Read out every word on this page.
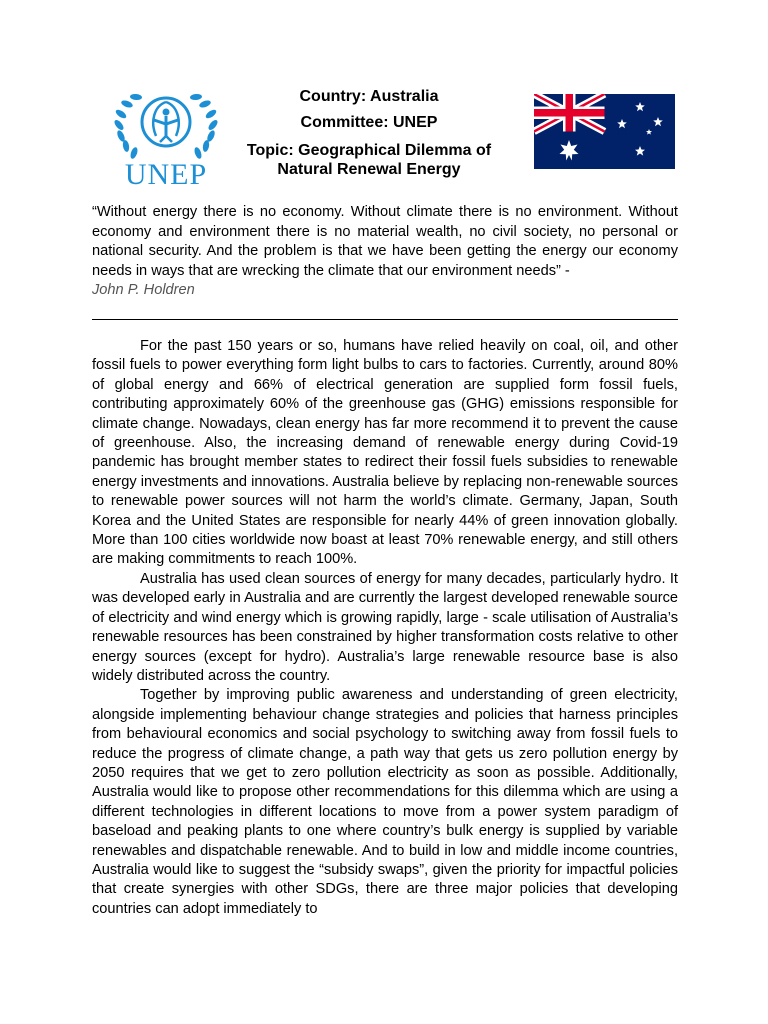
UNEP
Country: Australia
Committee: UNEP
Topic: Geographical Dilemma of
Natural Renewal Energy
“Without energy there is no economy. Without climate there is no environment. Without economy and environment there is no material wealth, no civil society, no personal or national security. And the problem is that we have been getting the energy our economy needs in ways that are wrecking the climate that our environment needs” -
John P. Holdren

For the past 150 years or so, humans have relied heavily on coal, oil, and other fossil fuels to power everything form light bulbs to cars to factories. Currently, around 80% of global energy and 66% of electrical generation are supplied form fossil fuels, contributing approximately 60% of the greenhouse gas (GHG) emissions responsible for climate change. Nowadays, clean energy has far more recommend it to prevent the cause of greenhouse. Also, the increasing demand of renewable energy during Covid-19 pandemic has brought member states to redirect their fossil fuels subsidies to renewable energy investments and innovations. Australia believe by replacing non-renewable sources to renewable power sources will not harm the world’s climate. Germany, Japan, South Korea and the United States are responsible for nearly 44% of green innovation globally. More than 100 cities worldwide now boast at least 70% renewable energy, and still others are making commitments to reach 100%.

Australia has used clean sources of energy for many decades, particularly hydro. It was developed early in Australia and are currently the largest developed renewable source of electricity and wind energy which is growing rapidly, large - scale utilisation of Australia’s renewable resources has been constrained by higher transformation costs relative to other energy sources (except for hydro). Australia’s large renewable resource base is also widely distributed across the country.

Together by improving public awareness and understanding of green electricity, alongside implementing behaviour change strategies and policies that harness principles from behavioural economics and social psychology to switching away from fossil fuels to reduce the progress of climate change, a path way that gets us zero pollution energy by 2050 requires that we get to zero pollution electricity as soon as possible. Additionally, Australia would like to propose other recommendations for this dilemma which are using a different technologies in different locations to move from a power system paradigm of baseload and peaking plants to one where country’s bulk energy is supplied by variable renewables and dispatchable renewable. And to build in low and middle income countries, Australia would like to suggest the “subsidy swaps”, given the priority for impactful policies that create synergies with other SDGs, there are three major policies that developing countries can adopt immediately to
